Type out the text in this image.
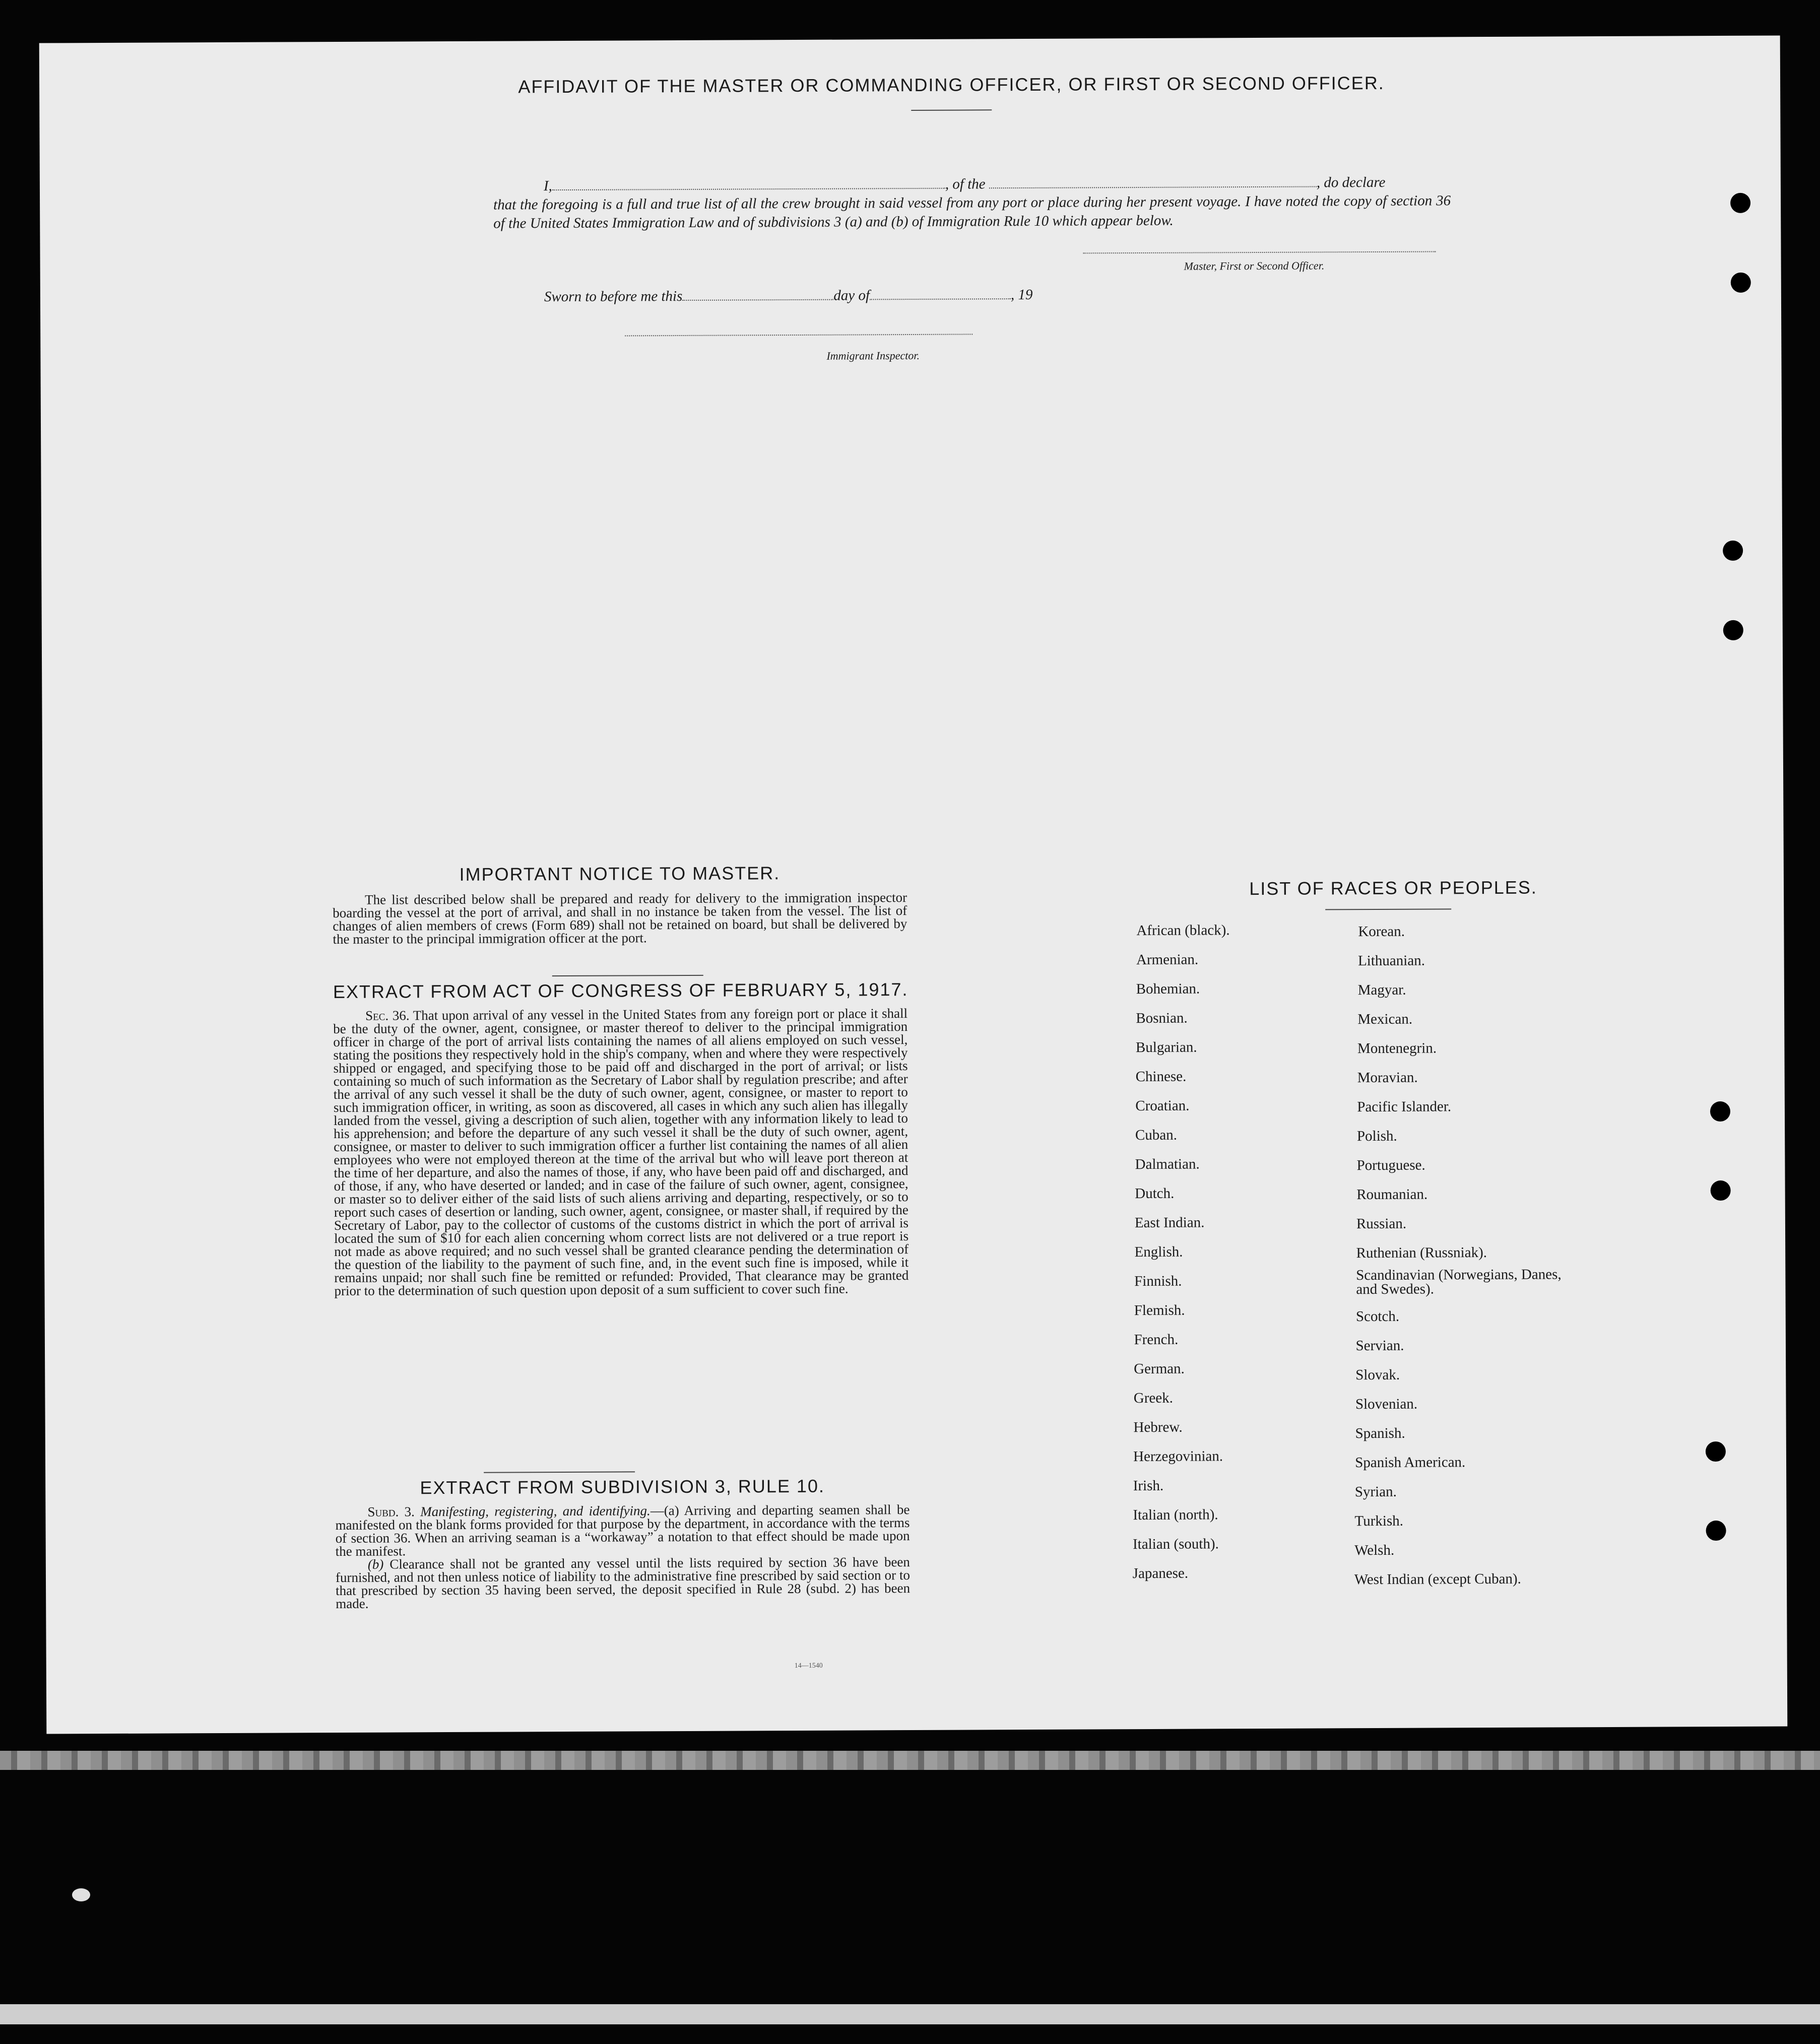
AFFIDAVIT OF THE MASTER OR COMMANDING OFFICER, OR FIRST OR SECOND OFFICER.
I,	, of the	, do declare
that the foregoing is a full and true list of all the crew brought in said vessel from any port or place during her present voyage. I have noted the copy of section 36 of the United States Immigration Law and of subdivisions 3 (a) and (b) of Immigration Rule 10 which appear below.
Master, First or Second Officer.
Sworn to before me this	day of	, 19
Immigrant Inspector.
IMPORTANT NOTICE TO MASTER.

The list described below shall be prepared and ready for delivery to the immigration inspector boarding the vessel at the port of arrival, and shall in no instance be taken from the vessel. The list of changes of alien members of crews (Form 689) shall not be retained on board, but shall be delivered by the master to the principal immigration officer at the port.

EXTRACT FROM ACT OF CONGRESS OF FEBRUARY 5, 1917.

Sec. 36. That upon arrival of any vessel in the United States from any foreign port or place it shall be the duty of the owner, agent, consignee, or master thereof to deliver to the principal immigration officer in charge of the port of arrival lists containing the names of all aliens employed on such vessel, stating the positions they respectively hold in the ship's company, when and where they were respectively shipped or engaged, and specifying those to be paid off and discharged in the port of arrival; or lists containing so much of such information as the Secretary of Labor shall by regulation prescribe; and after the arrival of any such vessel it shall be the duty of such owner, agent, consignee, or master to report to such immigration officer, in writing, as soon as discovered, all cases in which any such alien has illegally landed from the vessel, giving a description of such alien, together with any information likely to lead to his apprehension; and before the departure of any such vessel it shall be the duty of such owner, agent, consignee, or master to deliver to such immigration officer a further list containing the names of all alien employees who were not employed thereon at the time of the arrival but who will leave port thereon at the time of her departure, and also the names of those, if any, who have been paid off and discharged, and of those, if any, who have deserted or landed; and in case of the failure of such owner, agent, consignee, or master so to deliver either of the said lists of such aliens arriving and departing, respectively, or so to report such cases of desertion or landing, such owner, agent, consignee, or master shall, if required by the Secretary of Labor, pay to the collector of customs of the customs district in which the port of arrival is located the sum of $10 for each alien concerning whom correct lists are not delivered or a true report is not made as above required; and no such vessel shall be granted clearance pending the determination of the question of the liability to the payment of such fine, and, in the event such fine is imposed, while it remains unpaid; nor shall such fine be remitted or refunded: Provided, That clearance may be granted prior to the determination of such question upon deposit of a sum sufficient to cover such fine.

EXTRACT FROM SUBDIVISION 3, RULE 10.

Subd. 3. Manifesting, registering, and identifying.—(a) Arriving and departing seamen shall be manifested on the blank forms provided for that purpose by the department, in accordance with the terms of section 36. When an arriving seaman is a “workaway” a notation to that effect should be made upon the manifest.

(b) Clearance shall not be granted any vessel until the lists required by section 36 have been furnished, and not then unless notice of liability to the administrative fine prescribed by said section or to that prescribed by section 35 having been served, the deposit specified in Rule 28 (subd. 2) has been made.

14—1540
LIST OF RACES OR PEOPLES.
African (black).
Armenian.
Bohemian.
Bosnian.
Bulgarian.
Chinese.
Croatian.
Cuban.
Dalmatian.
Dutch.
East Indian.
English.
Finnish.
Flemish.
French.
German.
Greek.
Hebrew.
Herzegovinian.
Irish.
Italian (north).
Italian (south).
Japanese.
Korean.
Lithuanian.
Magyar.
Mexican.
Montenegrin.
Moravian.
Pacific Islander.
Polish.
Portuguese.
Roumanian.
Russian.
Ruthenian (Russniak).
Scandinavian (Norwegians, Danes, and Swedes).
Scotch.
Servian.
Slovak.
Slovenian.
Spanish.
Spanish American.
Syrian.
Turkish.
Welsh.
West Indian (except Cuban).
